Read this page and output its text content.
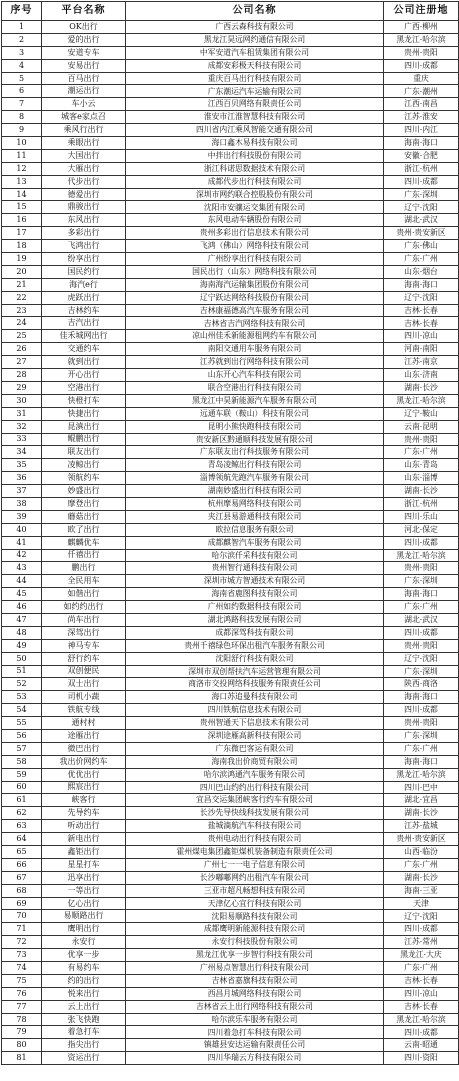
序号	平台名称	公司名称	公司注册地
1	OK出行	广西云森科技有限公司	广西·柳州
2	爱的出行	黑龙江昊远网约通信有限公司	黑龙江·哈尔滨
3	安道专车	中军安道汽车租赁集团有限公司	贵州·贵阳
4	安易出行	成都安彩极天科技有限公司	四川·成都
5	百马出行	重庆百马出行科技有限公司	重庆
6	潮运出行	广东潮运汽车运输有限公司	广东·潮州
7	车小云	江西百贝网络有限责任公司	江西·南昌
8	城客e家点召	淮安市江淮智慧科技有限公司	江苏·淮安
9	乘风行出行	四川省内江乘风智能交通有限公司	四川·内江
10	乘眼出行	海口鑫木易科技有限公司	海南·海口
11	大国出行	中拌出行科技股份有限公司	安徽·合肥
12	大雁出行	浙江科诺思数据技术有限公司	浙江·杭州
13	代步出行	成都代步出行科技有限公司	四川·成都
14	德爱出行	深圳市网约联合控股股份有限公司	广东·深圳
15	鼎骏出行	沈阳市安骧运交集团有限公司	辽宁·沈阳
16	东风出行	东风电动车辆股份有限公司	湖北·武汉
17	多彩出行	贵州多彩出行信息技术有限公司	贵州·贵安新区
18	飞鸿出行	飞鸿（佛山）网络科技有限公司	广东·佛山
19	纷享出行	广州纷享出行科技有限公司	广东·广州
20	国民约行	国民出行（山东）网络科技有限公司	山东·烟台
21	海汽e行	海南海汽运输集团股份有限公司	海南·海口
22	虎跃出行	辽宁跃达网络科技股份有限公司	辽宁·沈阳
23	吉林约车	吉林康福德高汽车服务有限公司	吉林·长春
24	吉汽出行	吉林省吉汽网络科技有限公司	吉林·长春
25	佳禾城网出行	凉山州佳禾新能源租网约车有限公司	四川·凉山
26	交通约车	南阳交通用车服务有限公司	河南·南阳
27	就到出行	江苏就到出行网络科技有限公司	江苏·南京
28	开心出行	山东开心汽车科技有限公司	山东·济南
29	空港出行	联合空港出行科技有限公司	湖南·长沙
30	快橙打车	黑龙江中昊新能源汽车服务有限公司	黑龙江·哈尔滨
31	快捷出行	远通车联（鞍山）科技有限公司	辽宁·鞍山
32	昆滇出行	昆明小熊快跑科技有限公司	云南·昆明
33	鲲鹏出行	贵安新区黔通顺科技发展有限公司	贵州·贵阳
34	联友出行	广东联友出行科技服务有限公司	广东·广州
35	凌鲸出行	青岛凌鲸出行科技有限公司	山东·青岛
36	领航约车	淄博领航先跑汽车服务有限公司	山东·淄博
37	妙盛出行	湖南妙盛出行科技有限公司	湖南·长沙
38	摩登出行	杭州摩易网络科技有限公司	浙江·杭州
39	蘑菇出行	夹江县易游通科技有限公司	四川·乐山
40	欧了出行	欧拉信息服务有限公司	河北·保定
41	麒麟优车	成都麒智汽车服务有限公司	四川·成都
42	仟禧出行	哈尔滨仟采科技有限公司	黑龙江·哈尔滨
43	鹏出行	贵州智行通科技有限公司	贵州·贵阳
44	全民用车	深圳市城方智通技术有限公司	广东·深圳
45	如偕出行	海南省鹿图科技有限公司	海南·海口
46	如约约出行	广州如约数据科技有限公司	广东·广州
47	尚车出行	湖北鸿路科技发展有限公司	湖北·武汉
48	深驾出行	成都深驾科技有限公司	四川·成都
49	神马专车	贵州千禧绿色环保出租汽车服务有限公司	贵州·贵阳
50	舒行约车	沈阳舒行科技有限公司	辽宁·沈阳
51	双创便民	深圳市双创帮扶汽车运营管理有限公司	广东·深圳
52	双士出行	商洛市交投网络科技服务有限责任公司	陕西·商洛
53	司机小蔬	海口苏追曼科技有限公司	海南·海口
54	铁航专线	四川铁航信息技术有限公司	四川·成都
55	通村村	贵州智通天下信息技术有限公司	贵州·贵阳
56	途雁出行	深圳途雁高新科技有限公司	广东·深圳
57	微巴出行	广东微巴客运有限公司	广东·广州
58	我出价网约车	海南我出价商贸有限公司	海南·海口
59	优优出行	哈尔滨鸿通汽车服务有限公司	黑龙江·哈尔滨
60	熙宸出行	四川巴山约约出行科技有限公司	四川·巴中
61	峡客行	宜昌交运集团峡客行约车有限公司	湖北·宜昌
62	先导约车	长沙先导快线科技发展有限公司	湖南·长沙
63	听动出行	盐城滴航汽车科技有限公司	江苏·盐城
64	新电出行	贵州电动出行科技有限公司	贵州·贵安新区
65	鑫钜出行	霍州煤电集团鑫钜煤机装备制造有限责任公司	山西·临汾
66	星星打车	广州七一一电子信息有限公司	广东·广州
67	迅享出行	长沙嘟嘟网约出租汽车有限公司	湖南·长沙
68	一等出行	三亚市超凡畅想科技有限公司	海南·三亚
69	亿心出行	天津亿心宜行科技有限公司	天津
70	易顺路出行	沈阳易顺路科技有限公司	辽宁·沈阳
71	鹰明出行	成都鹰明新能源科技有限公司	四川·成都
72	永安行	永安行科技股份有限公司	江苏·常州
73	优享一步	黑龙江优享一步智行科技有限公司	黑龙江·大庆
74	有易约车	广州易点智慧出行科技有限公司	广东·广州
75	约的出行	吉林省嘉旗科技有限公司	吉林·长春
76	悦来出行	西昌月城网络科技有限公司	四川·凉山
77	云上出行	吉林省云上出行网络科技有限公司	吉林·长春
78	张飞快跑	哈尔滨乐车服务有限公司	黑龙江·哈尔滨
79	着急打车	四川着急打车科技有限公司	四川·成都
80	指尖出行	镇雄县安达运输有限责任公司	云南·昭通
81	资运出行	四川华瑞云方科技有限公司	四川·资阳
